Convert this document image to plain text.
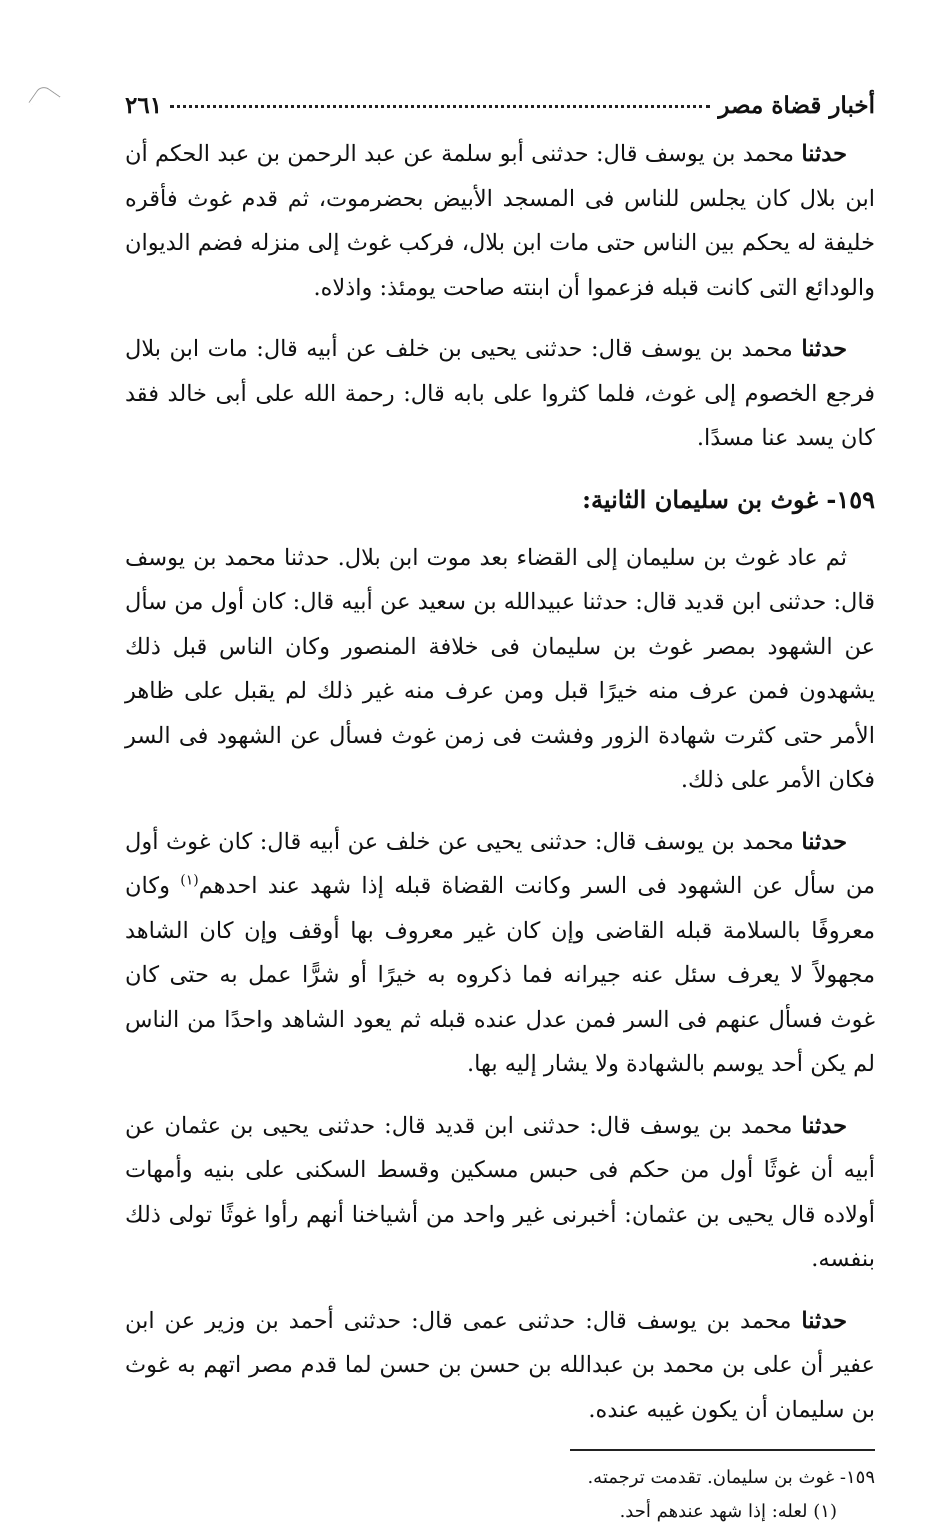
أخبار قضاة مصر
٢٦١

حدثنا محمد بن يوسف قال: حدثنى أبو سلمة عن عبد الرحمن بن عبد الحكم أن ابن بلال كان يجلس للناس فى المسجد الأبيض بحضرموت، ثم قدم غوث فأقره خليفة له يحكم بين الناس حتى مات ابن بلال، فركب غوث إلى منزله فضم الديوان والودائع التى كانت قبله فزعموا أن ابنته صاحت يومئذ: واذلاه.

حدثنا محمد بن يوسف قال: حدثنى يحيى بن خلف عن أبيه قال: مات ابن بلال فرجع الخصوم إلى غوث، فلما كثروا على بابه قال: رحمة الله على أبى خالد فقد كان يسد عنا مسدًا.

١٥٩- غوث بن سليمان الثانية:

ثم عاد غوث بن سليمان إلى القضاء بعد موت ابن بلال. حدثنا محمد بن يوسف قال: حدثنى ابن قديد قال: حدثنا عبيدالله بن سعيد عن أبيه قال: كان أول من سأل عن الشهود بمصر غوث بن سليمان فى خلافة المنصور وكان الناس قبل ذلك يشهدون فمن عرف منه خيرًا قبل ومن عرف منه غير ذلك لم يقبل على ظاهر الأمر حتى كثرت شهادة الزور وفشت فى زمن غوث فسأل عن الشهود فى السر فكان الأمر على ذلك.

حدثنا محمد بن يوسف قال: حدثنى يحيى عن خلف عن أبيه قال: كان غوث أول من سأل عن الشهود فى السر وكانت القضاة قبله إذا شهد عند احدهم$^{(١)}$ وكان معروفًا بالسلامة قبله القاضى وإن كان غير معروف بها أوقف وإن كان الشاهد مجهولاً لا يعرف سئل عنه جيرانه فما ذكروه به خيرًا أو شرًّا عمل به حتى كان غوث فسأل عنهم فى السر فمن عدل عنده قبله ثم يعود الشاهد واحدًا من الناس لم يكن أحد يوسم بالشهادة ولا يشار إليه بها.

حدثنا محمد بن يوسف قال: حدثنى ابن قديد قال: حدثنى يحيى بن عثمان عن أبيه أن غوثًا أول من حكم فى حبس مسكين وقسط السكنى على بنيه وأمهات أولاده قال يحيى بن عثمان: أخبرنى غير واحد من أشياخنا أنهم رأوا غوثًا تولى ذلك بنفسه.

حدثنا محمد بن يوسف قال: حدثنى عمى قال: حدثنى أحمد بن وزير عن ابن عفير أن على بن محمد بن عبدالله بن حسن بن حسن لما قدم مصر اتهم به غوث بن سليمان أن يكون غيبه عنده.

١٥٩- غوث بن سليمان. تقدمت ترجمته.

(١) لعله: إذا شهد عندهم أحد.
